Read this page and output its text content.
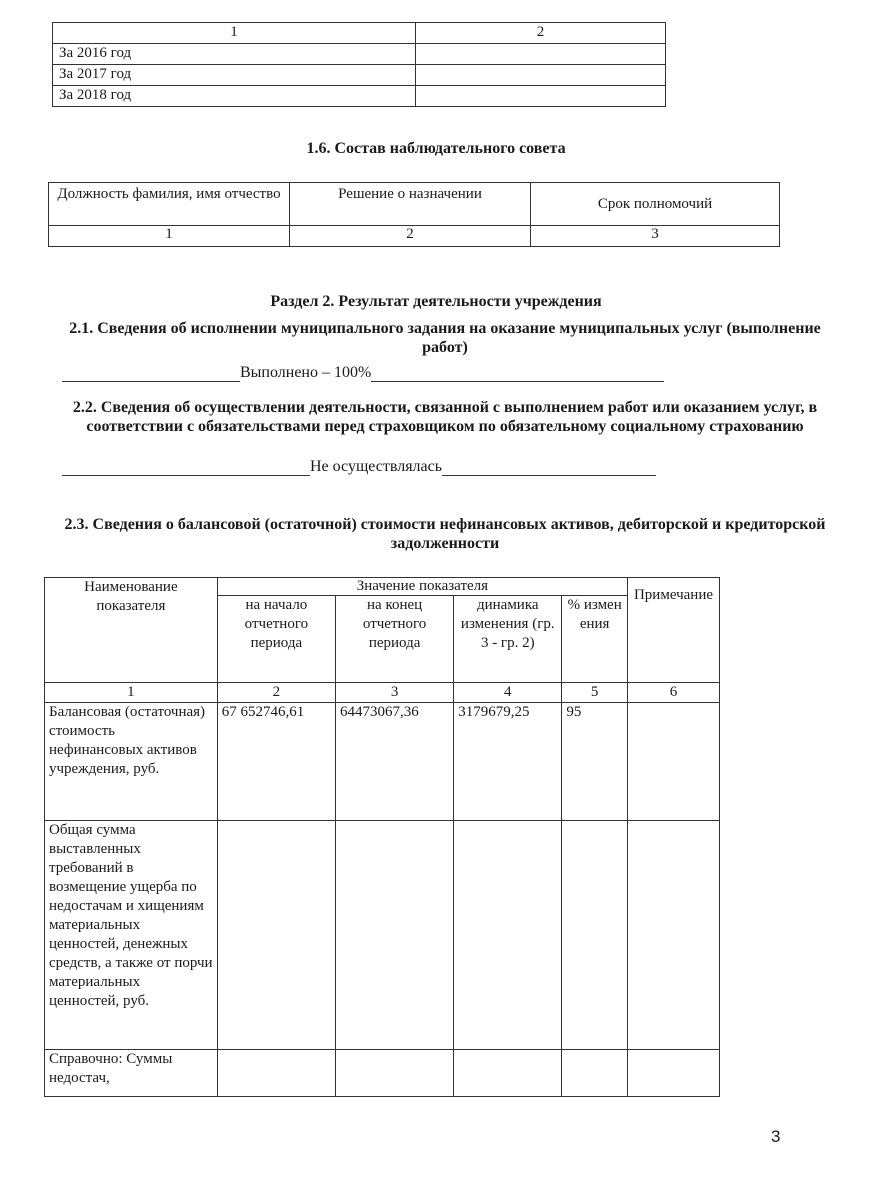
1	2
За 2016 год	
За 2017 год	
За 2018 год	
1.6. Состав наблюдательного совета
Должность фамилия, имя отчество	Решение о назначении	Срок полномочий
1	2	3
Раздел 2. Результат деятельности учреждения
2.1. Сведения об исполнении муниципального задания на оказание муниципальных услуг (выполнение работ)
Выполнено – 100%
2.2. Сведения об осуществлении деятельности, связанной с выполнением работ или оказанием услуг, в соответствии с обязательствами перед страховщиком по обязательному социальному страхованию
Не осуществлялась
2.3. Сведения о балансовой (остаточной) стоимости нефинансовых активов, дебиторской и кредиторской задолженности
Наименование показателя	Значение показателя				Примечание
	на начало отчетного периода	на конец отчетного периода	динамика изменения (гр. 3 - гр. 2)	% изменения	
1	2	3	4	5	6
Балансовая (остаточная) стоимость нефинансовых активов учреждения, руб.	67 652746,61	64473067,36	3179679,25	95	
Общая сумма выставленных требований в возмещение ущерба по недостачам и хищениям материальных ценностей, денежных средств, а также от порчи материальных ценностей, руб.					
Справочно: Суммы недостач,					
3
